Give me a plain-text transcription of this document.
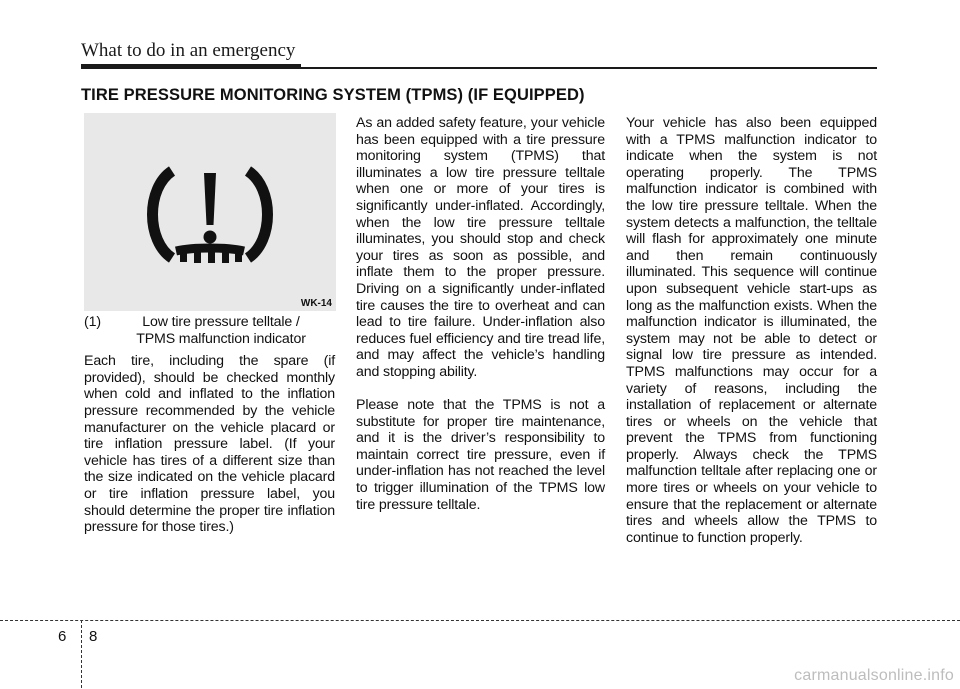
What to do in an emergency
TIRE PRESSURE MONITORING SYSTEM (TPMS) (IF EQUIPPED)
WK-14
(1)	Low tire pressure telltale /
TPMS malfunction indicator

Each tire, including the spare (if provided), should be checked monthly when cold and inflated to the inflation pressure recommended by the vehicle manufacturer on the vehicle placard or tire inflation pressure label. (If your vehicle has tires of a different size than the size indicated on the vehicle placard or tire inflation pressure label, you should determine the proper tire inflation pressure for those tires.)

As an added safety feature, your vehicle has been equipped with a tire pressure monitoring system (TPMS) that illuminates a low tire pressure telltale when one or more of your tires is significantly under-inflated. Accordingly, when the low tire pressure telltale illuminates, you should stop and check your tires as soon as possible, and inflate them to the proper pressure. Driving on a significantly under-inflated tire causes the tire to overheat and can lead to tire failure. Under-inflation also reduces fuel efficiency and tire tread life, and may affect the vehicle’s handling and stopping ability.

Please note that the TPMS is not a substitute for proper tire maintenance, and it is the driver’s responsibility to maintain correct tire pressure, even if under-inflation has not reached the level to trigger illumination of the TPMS low tire pressure telltale.

Your vehicle has also been equipped with a TPMS malfunction indicator to indicate when the system is not operating properly. The TPMS malfunction indicator is combined with the low tire pressure telltale. When the system detects a malfunction, the telltale will flash for approximately one minute and then remain continuously illuminated. This sequence will continue upon subsequent vehicle start-ups as long as the malfunction exists. When the malfunction indicator is illuminated, the system may not be able to detect or signal low tire pressure as intended. TPMS malfunctions may occur for a variety of reasons, including the installation of replacement or alternate tires or wheels on the vehicle that prevent the TPMS from functioning properly. Always check the TPMS malfunction telltale after replacing one or more tires or wheels on your vehicle to ensure that the replacement or alternate tires and wheels allow the TPMS to continue to function properly.

6 8
carmanualsonline.info
